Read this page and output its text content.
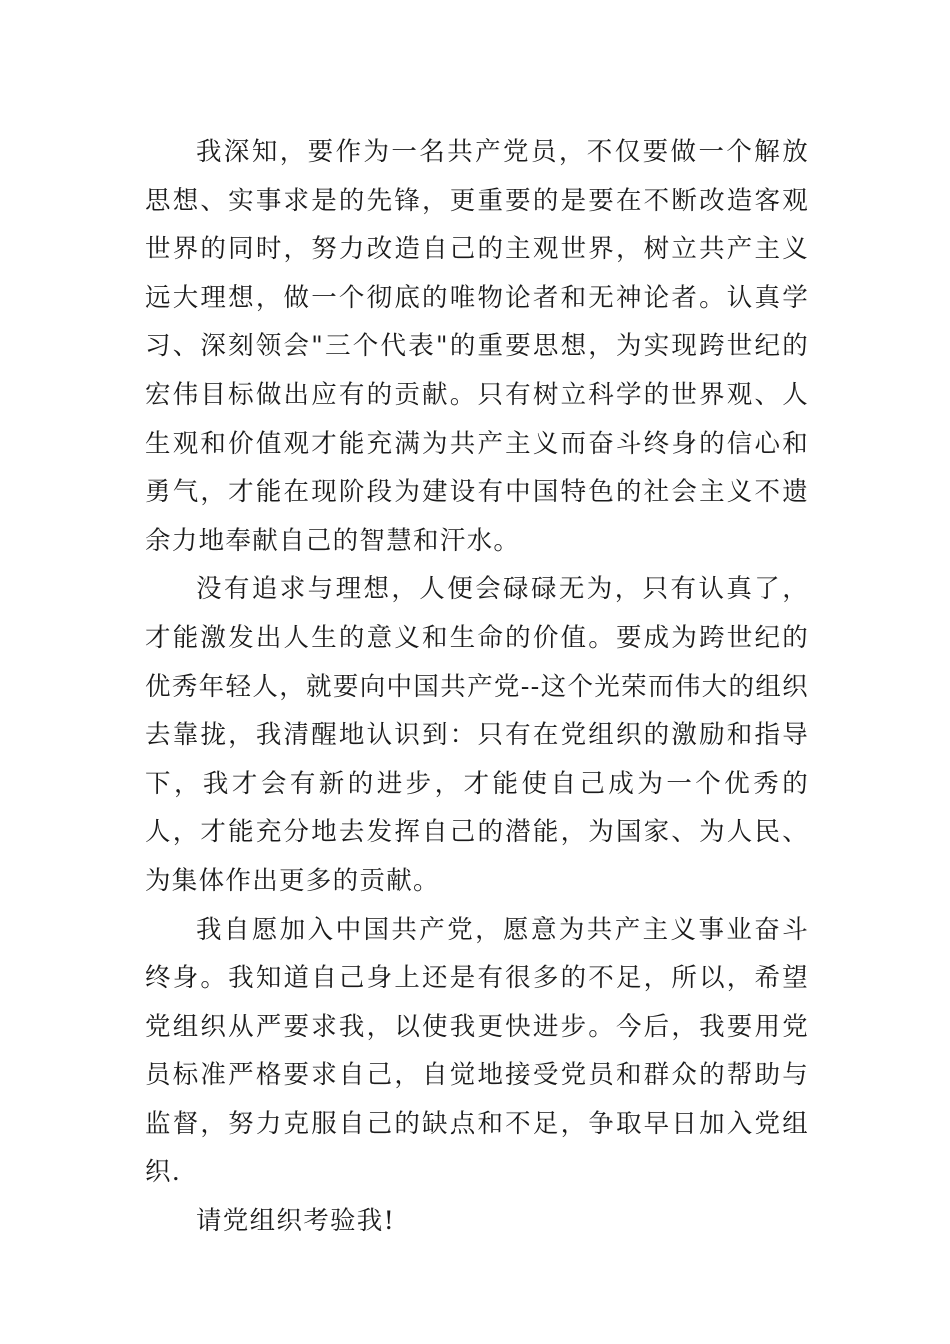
我深知，要作为一名共产党员，不仅要做一个解放思想、实事求是的先锋，更重要的是要在不断改造客观世界的同时，努力改造自己的主观世界，树立共产主义远大理想，做一个彻底的唯物论者和无神论者。认真学习、深刻领会"三个代表"的重要思想，为实现跨世纪的宏伟目标做出应有的贡献。只有树立科学的世界观、人生观和价值观才能充满为共产主义而奋斗终身的信心和勇气，才能在现阶段为建设有中国特色的社会主义不遗余力地奉献自己的智慧和汗水。

没有追求与理想，人便会碌碌无为，只有认真了，才能激发出人生的意义和生命的价值。要成为跨世纪的优秀年轻人，就要向中国共产党--这个光荣而伟大的组织去靠拢，我清醒地认识到：只有在党组织的激励和指导下，我才会有新的进步，才能使自己成为一个优秀的人，才能充分地去发挥自己的潜能，为国家、为人民、为集体作出更多的贡献。

我自愿加入中国共产党，愿意为共产主义事业奋斗终身。我知道自己身上还是有很多的不足，所以，希望党组织从严要求我，以使我更快进步。今后，我要用党员标准严格要求自己，自觉地接受党员和群众的帮助与监督，努力克服自己的缺点和不足，争取早日加入党组织.

请党组织考验我!
